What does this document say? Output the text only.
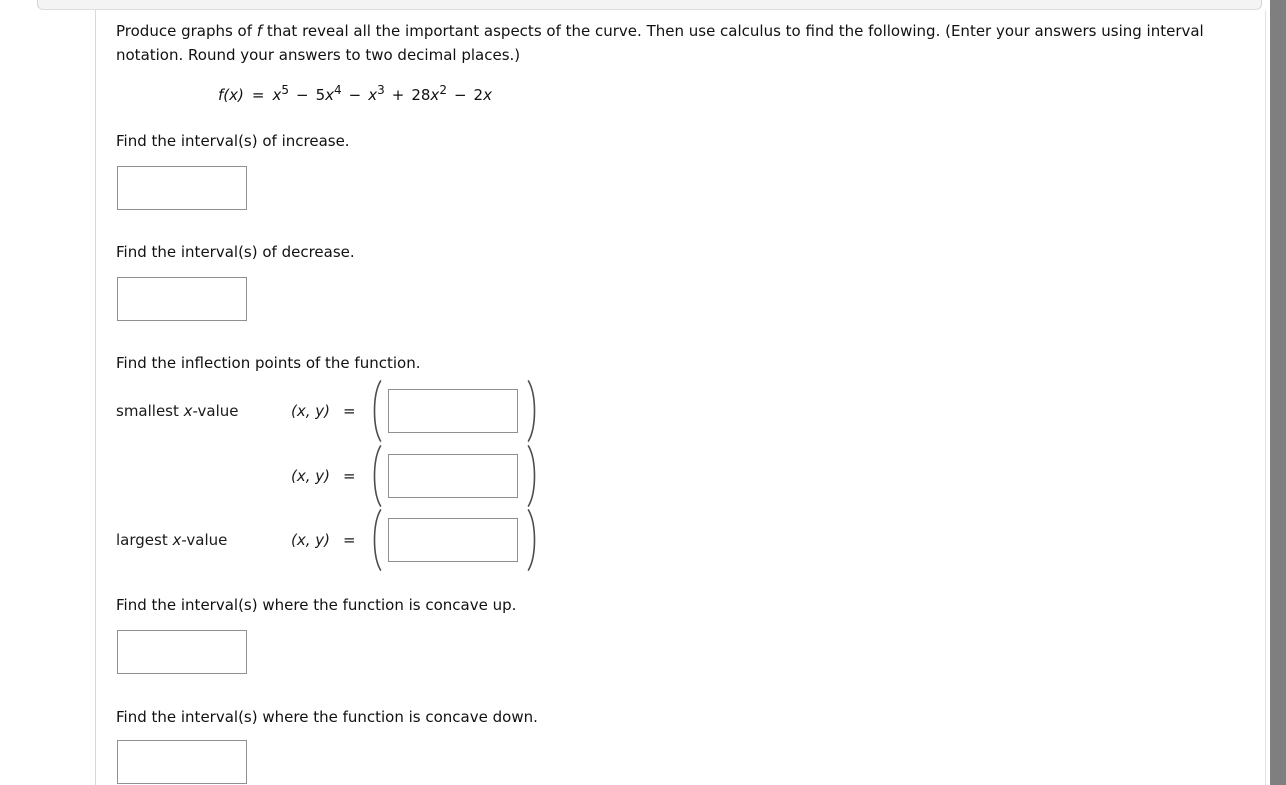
Produce graphs of f that reveal all the important aspects of the curve. Then use calculus to find the following. (Enter your answers using interval notation. Round your answers to two decimal places.)

$f(x) = x^5 - 5x^4 - x^3 + 28x^2 - 2x$
Find the interval(s) of increase.
Find the interval(s) of decrease.
Find the inflection points of the function.
smallest x-value	(x, y) =
(x, y) =
largest x-value	(x, y) =
Find the interval(s) where the function is concave up.
Find the interval(s) where the function is concave down.
